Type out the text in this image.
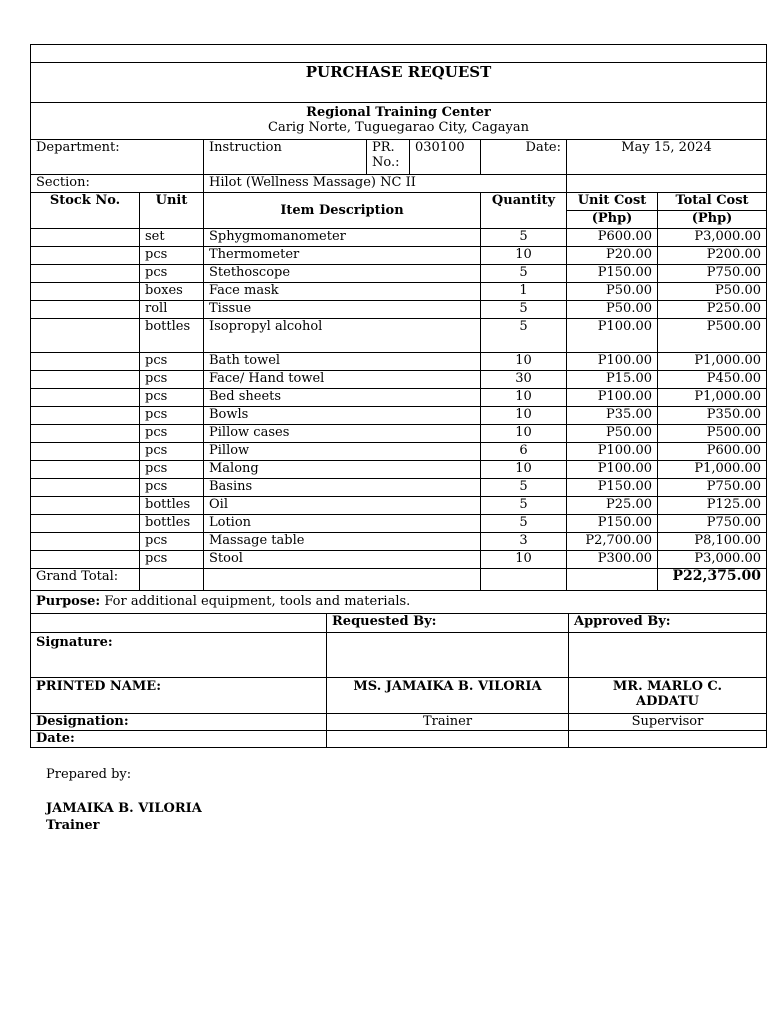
PURCHASE REQUEST							

Regional Training Center
Carig Norte, Tuguegarao City, Cagayan							

Department:		Instruction	PR. No.:	030100	Date:	May 15, 2024	
Section:		Hilot (Wellness Massage) NC II					
Stock No.	Unit	Item Description			Quantity	Unit Cost	Total Cost
						(Php)	(Php)
	set	Sphygmomanometer			5	P600.00	P3,000.00
	pcs	Thermometer			10	P20.00	P200.00
	pcs	Stethoscope			5	P150.00	P750.00
	boxes	Face mask			1	P50.00	P50.00
	roll	Tissue			5	P50.00	P250.00
	bottles	Isopropyl alcohol			5	P100.00	P500.00
	pcs	Bath towel			10	P100.00	P1,000.00
	pcs	Face/ Hand towel			30	P15.00	P450.00
	pcs	Bed sheets			10	P100.00	P1,000.00
	pcs	Bowls			10	P35.00	P350.00
	pcs	Pillow cases			10	P50.00	P500.00
	pcs	Pillow			6	P100.00	P600.00
	pcs	Malong			10	P100.00	P1,000.00
	pcs	Basins			5	P150.00	P750.00
	bottles	Oil			5	P25.00	P125.00
	bottles	Lotion			5	P150.00	P750.00
	pcs	Massage table			3	P2,700.00	P8,100.00
	pcs	Stool			10	P300.00	P3,000.00
Grand Total:							P22,375.00
Purpose: For additional equipment, tools and materials.							
	Requested By:	Approved By:
Signature:		
PRINTED NAME:	MS. JAMAIKA B. VILORIA	MR. MARLO C. ADDATU
Designation:	Trainer	Supervisor
Date:		
Prepared by:
JAMAIKA B. VILORIA
Trainer
